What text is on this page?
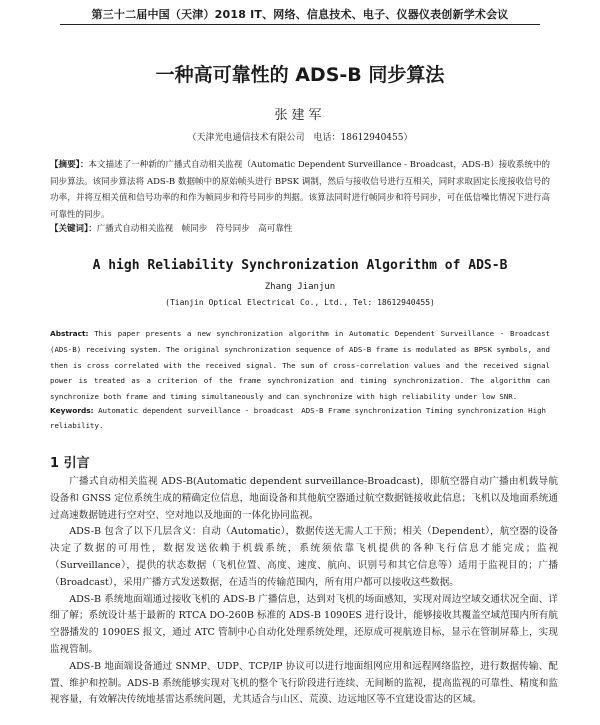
第三十二届中国（天津）2018 IT、网络、信息技术、电子、仪器仪表创新学术会议
一种高可靠性的 ADS-B 同步算法
张建军
（天津光电通信技术有限公司　电话：18612940455）
【摘要】：本文描述了一种新的广播式自动相关监视（Automatic Dependent Surveillance - Broadcast，ADS-B）接收系统中的同步算法。该同步算法将 ADS-B 数据帧中的原始帧头进行 BPSK 调制，然后与接收信号进行互相关，同时求取固定长度接收信号的功率，并将互相关值和信号功率的和作为帧同步和符号同步的判据。该算法同时进行帧同步和符号同步，可在低信噪比情况下进行高可靠性的同步。
【关键词】：广播式自动相关监视　帧同步　符号同步　高可靠性
A high Reliability Synchronization Algorithm of ADS-B
Zhang Jianjun
(Tianjin Optical Electrical Co., Ltd., Tel: 18612940455)
Abstract: This paper presents a new synchronization algorithm in Automatic Dependent Surveillance - Broadcast (ADS-B) receiving system. The original synchronization sequence of ADS-B frame is modulated as BPSK symbols, and then is cross correlated with the received signal. The sum of cross-correlation values and the received signal power is treated as a criterion of the frame synchronization and timing synchronization. The algorithm can synchronize both frame and timing simultaneously and can synchronize with high reliability under low SNR.
Keywords: Automatic dependent surveillance - broadcast　ADS-B Frame synchronization Timing synchronization High reliability.
1 引言

广播式自动相关监视 ADS-B(Automatic dependent surveillance-Broadcast)，即航空器自动广播由机载导航设备和 GNSS 定位系统生成的精确定位信息，地面设备和其他航空器通过航空数据链接收此信息；飞机以及地面系统通过高速数据链进行空对空、空对地以及地面的一体化协同监视。

ADS-B 包含了以下几层含义：自动（Automatic），数据传送无需人工干预；相关（Dependent），航空器的设备决定了数据的可用性，数据发送依赖于机载系统，系统须依靠飞机提供的各种飞行信息才能完成；监视（Surveillance），提供的状态数据（飞机位置、高度、速度、航向、识别号和其它信息等）适用于监视目的；广播（Broadcast），采用广播方式发送数据，在适当的传输范围内，所有用户都可以接收这些数据。

ADS-B 系统地面端通过接收飞机的 ADS-B 广播信息，达到对飞机的场面感知，实现对周边空域交通状况全面、详细了解；系统设计基于最新的 RTCA DO-260B 标准的 ADS-B 1090ES 进行设计，能够接收其覆盖空域范围内所有航空器播发的 1090ES 报文，通过 ATC 管制中心自动化处理系统处理，还原成可视航迹目标，显示在管制屏幕上，实现监视管制。

ADS-B 地面端设备通过 SNMP、UDP、TCP/IP 协议可以进行地面组网应用和远程网络监控，进行数据传输、配置、维护和控制。ADS-B 系统能够实现对飞机的整个飞行阶段进行连续、无间断的监视，提高监视的可靠性、精度和监视容量，有效解决传统地基雷达系统问题，尤其适合与山区、荒漠、边远地区等不宜建设雷达的区域。
